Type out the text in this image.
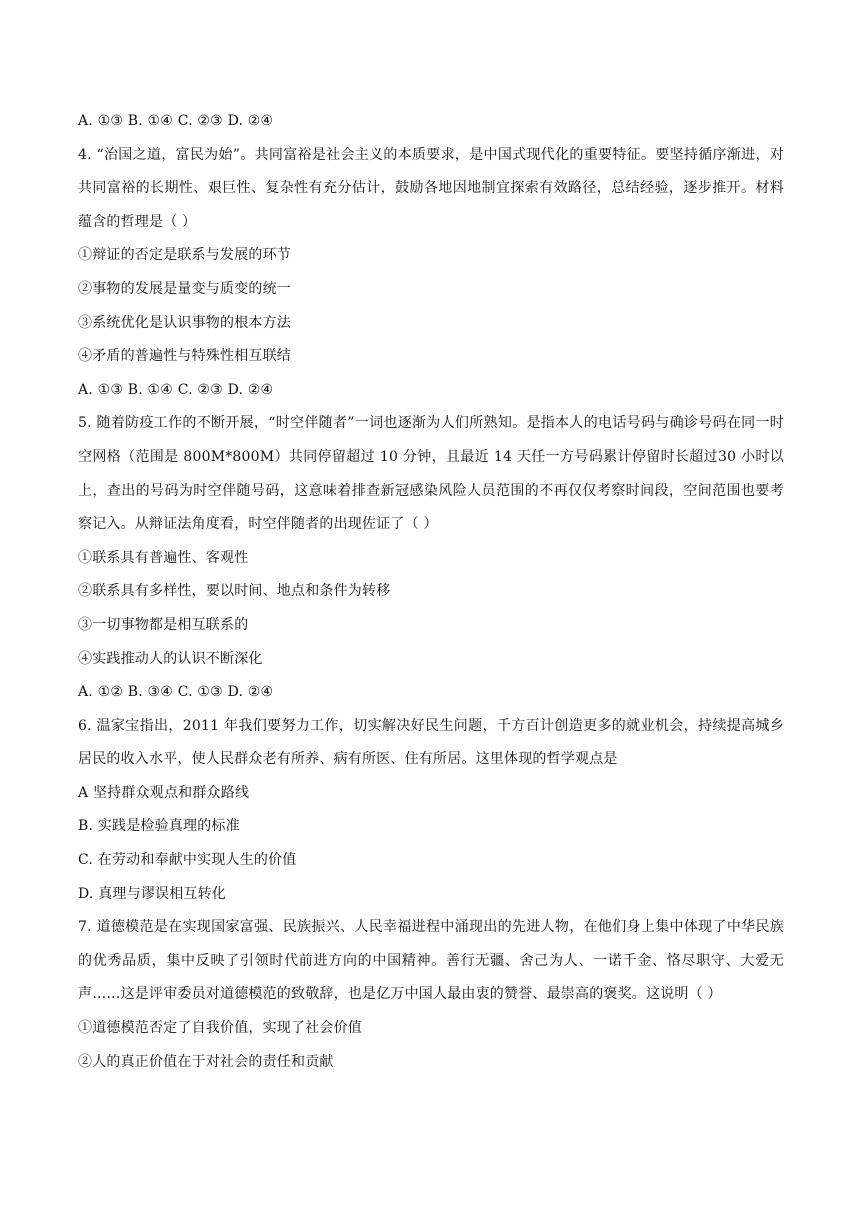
A. ①③ B. ①④ C. ②③ D. ②④
4. “治国之道，富民为始”。共同富裕是社会主义的本质要求，是中国式现代化的重要特征。要坚持循序渐进，对共同富裕的长期性、艰巨性、复杂性有充分估计，鼓励各地因地制宜探索有效路径，总结经验，逐步推开。材料蕴含的哲理是（ ）
①辩证的否定是联系与发展的环节
②事物的发展是量变与质变的统一
③系统优化是认识事物的根本方法
④矛盾的普遍性与特殊性相互联结
A. ①③ B. ①④ C. ②③ D. ②④
5. 随着防疫工作的不断开展，“时空伴随者”一词也逐渐为人们所熟知。是指本人的电话号码与确诊号码在同一时空网格（范围是 800M*800M）共同停留超过 10 分钟，且最近 14 天任一方号码累计停留时长超过30 小时以上，查出的号码为时空伴随号码，这意味着排查新冠感染风险人员范围的不再仅仅考察时间段，空间范围也要考察记入。从辩证法角度看，时空伴随者的出现佐证了（ ）
①联系具有普遍性、客观性
②联系具有多样性，要以时间、地点和条件为转移
③一切事物都是相互联系的
④实践推动人的认识不断深化
A. ①② B. ③④ C. ①③ D. ②④
6. 温家宝指出，2011 年我们要努力工作，切实解决好民生问题，千方百计创造更多的就业机会，持续提高城乡居民的收入水平，使人民群众老有所养、病有所医、住有所居。这里体现的哲学观点是
A 坚持群众观点和群众路线
B. 实践是检验真理的标准
C. 在劳动和奉献中实现人生的价值
D. 真理与谬误相互转化
7. 道德模范是在实现国家富强、民族振兴、人民幸福进程中涌现出的先进人物，在他们身上集中体现了中华民族的优秀品质，集中反映了引领时代前进方向的中国精神。善行无疆、舍己为人、一诺千金、恪尽职守、大爱无声……这是评审委员对道德模范的致敬辞，也是亿万中国人最由衷的赞誉、最崇高的褒奖。这说明（ ）
①道德模范否定了自我价值，实现了社会价值
②人的真正价值在于对社会的责任和贡献
